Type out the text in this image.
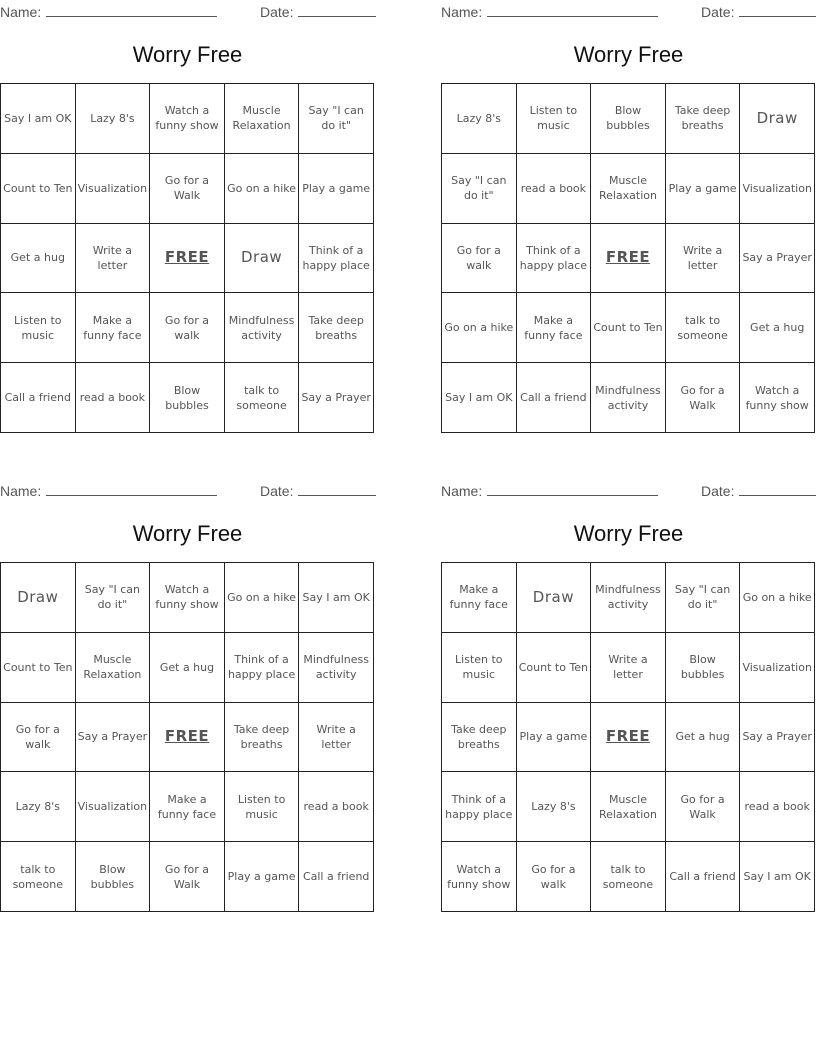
Name:	Date:
Worry Free
Say I am OK	Lazy 8's	Watch a funny show	Muscle Relaxation	Say "I can do it"
Count to Ten	Visualization	Go for a Walk	Go on a hike	Play a game
Get a hug	Write a letter	FREE	Draw	Think of a happy place
Listen to music	Make a funny face	Go for a walk	Mindfulness activity	Take deep breaths
Call a friend	read a book	Blow bubbles	talk to someone	Say a Prayer
Name:	Date:
Worry Free
Lazy 8's	Listen to music	Blow bubbles	Take deep breaths	Draw
Say "I can do it"	read a book	Muscle Relaxation	Play a game	Visualization
Go for a walk	Think of a happy place	FREE	Write a letter	Say a Prayer
Go on a hike	Make a funny face	Count to Ten	talk to someone	Get a hug
Say I am OK	Call a friend	Mindfulness activity	Go for a Walk	Watch a funny show
Name:	Date:
Worry Free
Draw	Say "I can do it"	Watch a funny show	Go on a hike	Say I am OK
Count to Ten	Muscle Relaxation	Get a hug	Think of a happy place	Mindfulness activity
Go for a walk	Say a Prayer	FREE	Take deep breaths	Write a letter
Lazy 8's	Visualization	Make a funny face	Listen to music	read a book
talk to someone	Blow bubbles	Go for a Walk	Play a game	Call a friend
Name:	Date:
Worry Free
Make a funny face	Draw	Mindfulness activity	Say "I can do it"	Go on a hike
Listen to music	Count to Ten	Write a letter	Blow bubbles	Visualization
Take deep breaths	Play a game	FREE	Get a hug	Say a Prayer
Think of a happy place	Lazy 8's	Muscle Relaxation	Go for a Walk	read a book
Watch a funny show	Go for a walk	talk to someone	Call a friend	Say I am OK
